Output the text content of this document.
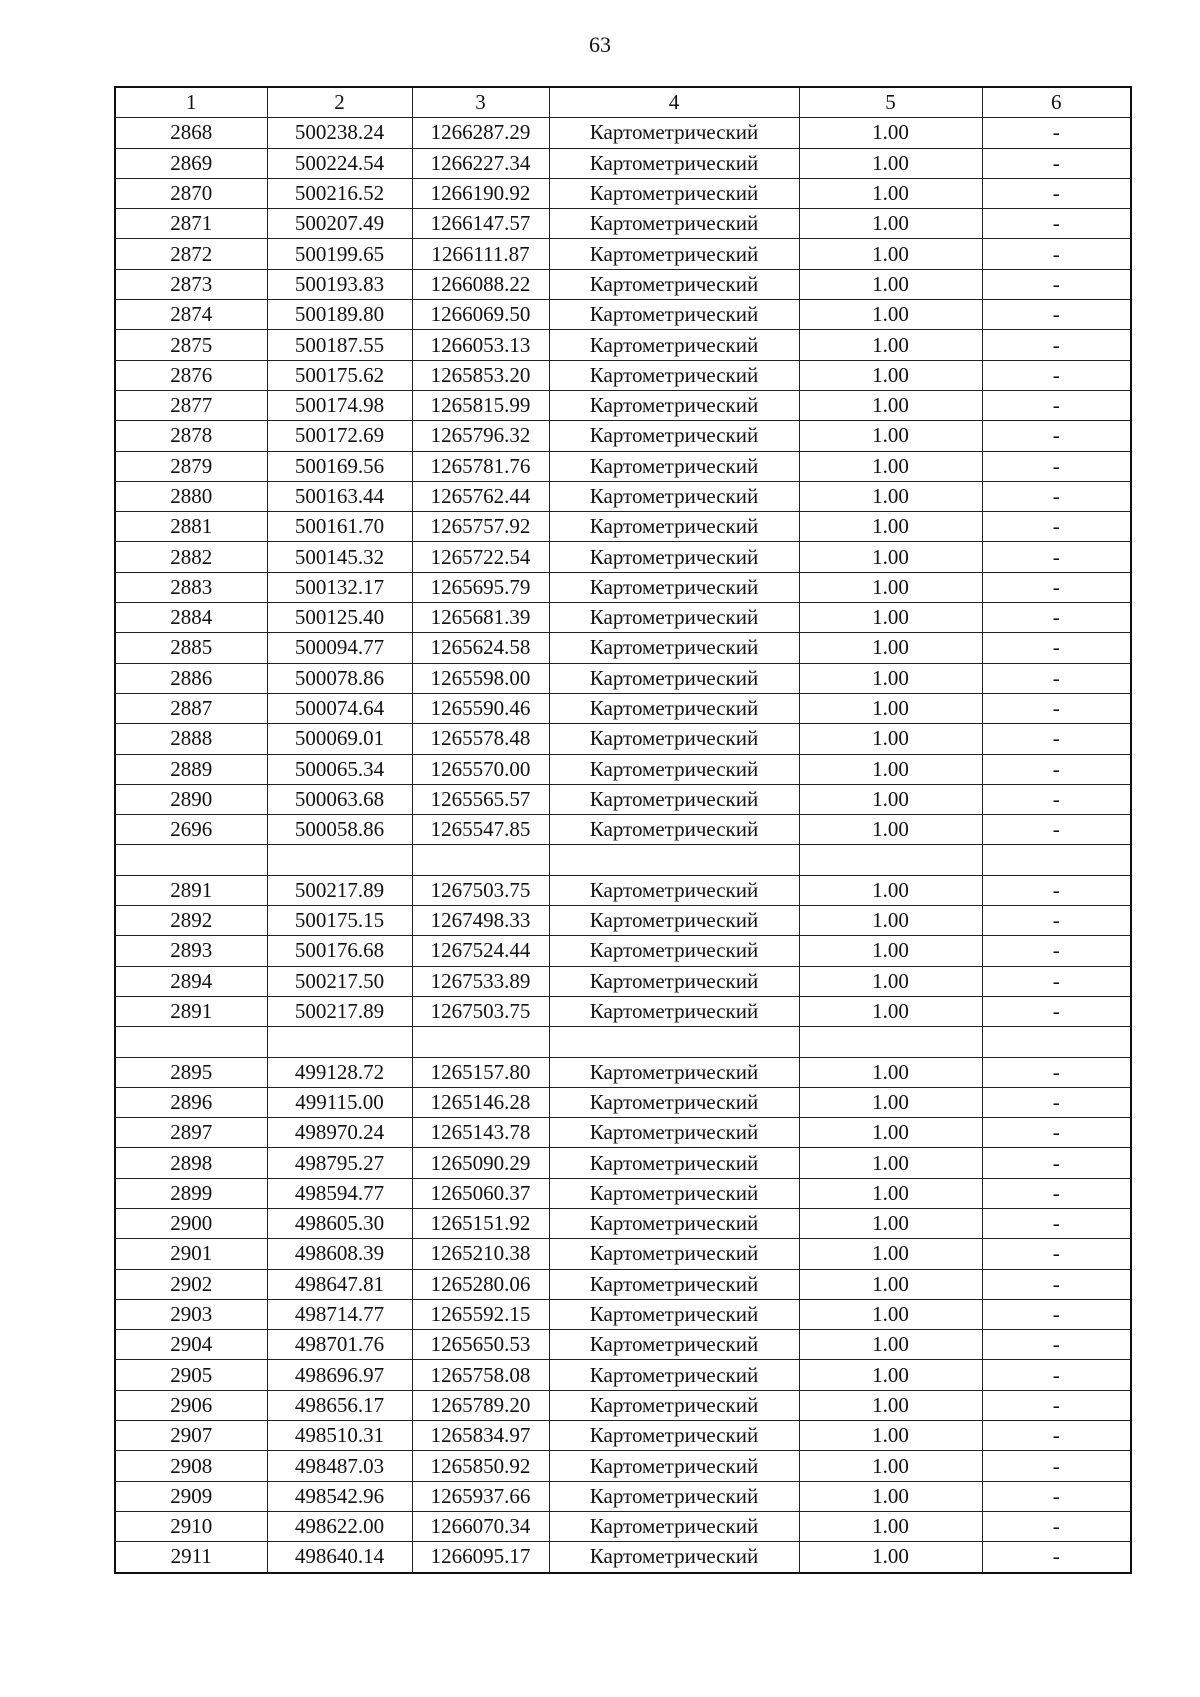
63
1	2	3	4	5	6
2868	500238.24	1266287.29	Картометрический	1.00	-
2869	500224.54	1266227.34	Картометрический	1.00	-
2870	500216.52	1266190.92	Картометрический	1.00	-
2871	500207.49	1266147.57	Картометрический	1.00	-
2872	500199.65	1266111.87	Картометрический	1.00	-
2873	500193.83	1266088.22	Картометрический	1.00	-
2874	500189.80	1266069.50	Картометрический	1.00	-
2875	500187.55	1266053.13	Картометрический	1.00	-
2876	500175.62	1265853.20	Картометрический	1.00	-
2877	500174.98	1265815.99	Картометрический	1.00	-
2878	500172.69	1265796.32	Картометрический	1.00	-
2879	500169.56	1265781.76	Картометрический	1.00	-
2880	500163.44	1265762.44	Картометрический	1.00	-
2881	500161.70	1265757.92	Картометрический	1.00	-
2882	500145.32	1265722.54	Картометрический	1.00	-
2883	500132.17	1265695.79	Картометрический	1.00	-
2884	500125.40	1265681.39	Картометрический	1.00	-
2885	500094.77	1265624.58	Картометрический	1.00	-
2886	500078.86	1265598.00	Картометрический	1.00	-
2887	500074.64	1265590.46	Картометрический	1.00	-
2888	500069.01	1265578.48	Картометрический	1.00	-
2889	500065.34	1265570.00	Картометрический	1.00	-
2890	500063.68	1265565.57	Картометрический	1.00	-
2696	500058.86	1265547.85	Картометрический	1.00	-

2891	500217.89	1267503.75	Картометрический	1.00	-
2892	500175.15	1267498.33	Картометрический	1.00	-
2893	500176.68	1267524.44	Картометрический	1.00	-
2894	500217.50	1267533.89	Картометрический	1.00	-
2891	500217.89	1267503.75	Картометрический	1.00	-

2895	499128.72	1265157.80	Картометрический	1.00	-
2896	499115.00	1265146.28	Картометрический	1.00	-
2897	498970.24	1265143.78	Картометрический	1.00	-
2898	498795.27	1265090.29	Картометрический	1.00	-
2899	498594.77	1265060.37	Картометрический	1.00	-
2900	498605.30	1265151.92	Картометрический	1.00	-
2901	498608.39	1265210.38	Картометрический	1.00	-
2902	498647.81	1265280.06	Картометрический	1.00	-
2903	498714.77	1265592.15	Картометрический	1.00	-
2904	498701.76	1265650.53	Картометрический	1.00	-
2905	498696.97	1265758.08	Картометрический	1.00	-
2906	498656.17	1265789.20	Картометрический	1.00	-
2907	498510.31	1265834.97	Картометрический	1.00	-
2908	498487.03	1265850.92	Картометрический	1.00	-
2909	498542.96	1265937.66	Картометрический	1.00	-
2910	498622.00	1266070.34	Картометрический	1.00	-
2911	498640.14	1266095.17	Картометрический	1.00	-
